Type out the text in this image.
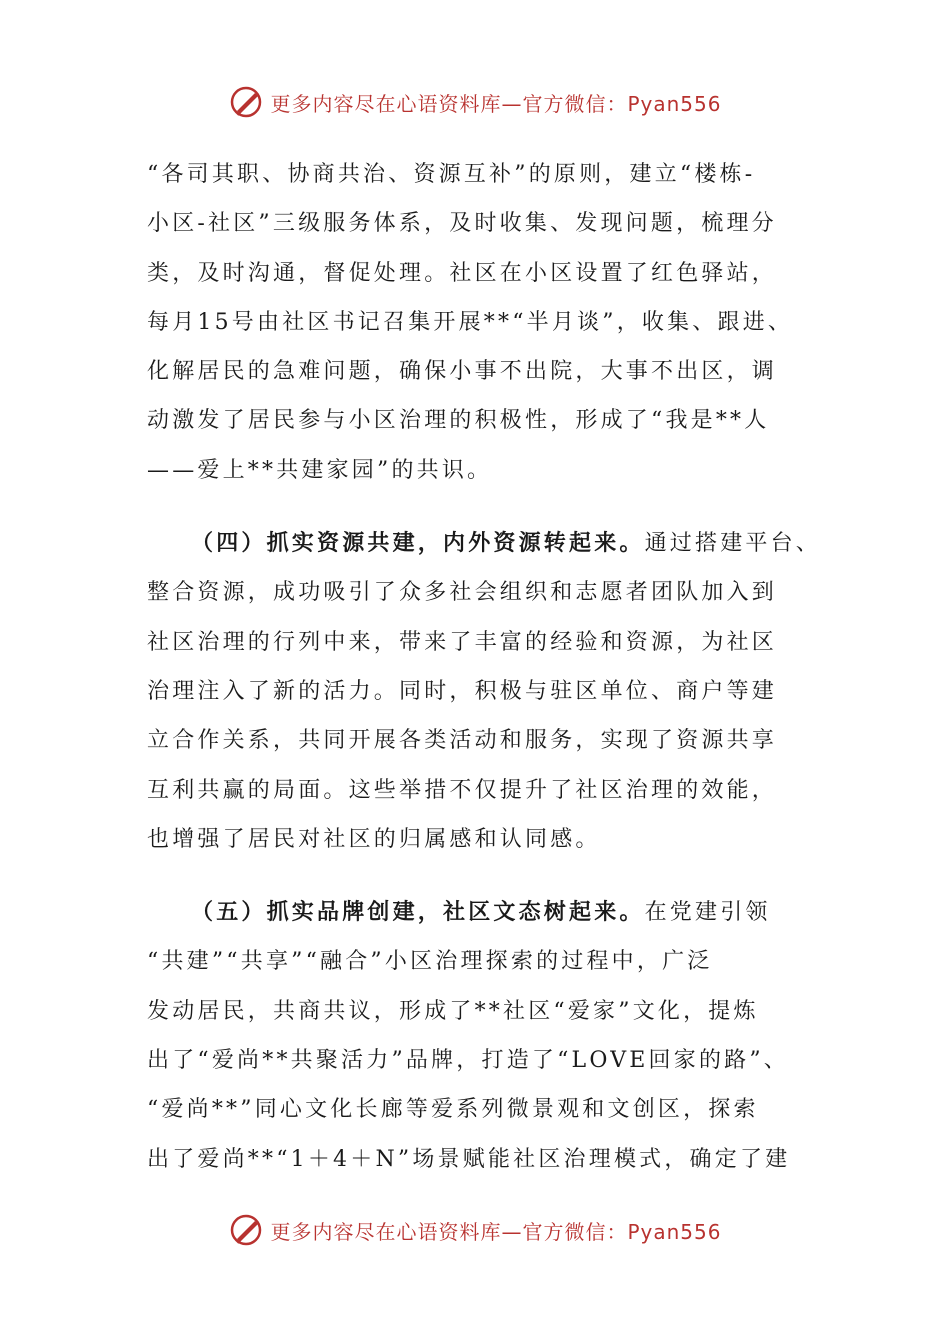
更多内容尽在心语资料库—官方微信：Pyan556

“各司其职、协商共治、资源互补”的原则，建立“楼栋-

小区-社区”三级服务体系，及时收集、发现问题，梳理分

类，及时沟通，督促处理。社区在小区设置了红色驿站，

每月15号由社区书记召集开展**“半月谈”，收集、跟进、

化解居民的急难问题，确保小事不出院，大事不出区，调

动激发了居民参与小区治理的积极性，形成了“我是**人

——爱上**共建家园”的共识。

（四）抓实资源共建，内外资源转起来。通过搭建平台、

整合资源，成功吸引了众多社会组织和志愿者团队加入到

社区治理的行列中来，带来了丰富的经验和资源，为社区

治理注入了新的活力。同时，积极与驻区单位、商户等建

立合作关系，共同开展各类活动和服务，实现了资源共享

互利共赢的局面。这些举措不仅提升了社区治理的效能，

也增强了居民对社区的归属感和认同感。

（五）抓实品牌创建，社区文态树起来。在党建引领

“共建”“共享”“融合”小区治理探索的过程中，广泛

发动居民，共商共议，形成了**社区“爱家”文化，提炼

出了“爱尚**共聚活力”品牌，打造了“LOVE回家的路”、

“爱尚**”同心文化长廊等爱系列微景观和文创区，探索

出了爱尚**“1＋4＋N”场景赋能社区治理模式，确定了建

更多内容尽在心语资料库—官方微信：Pyan556
